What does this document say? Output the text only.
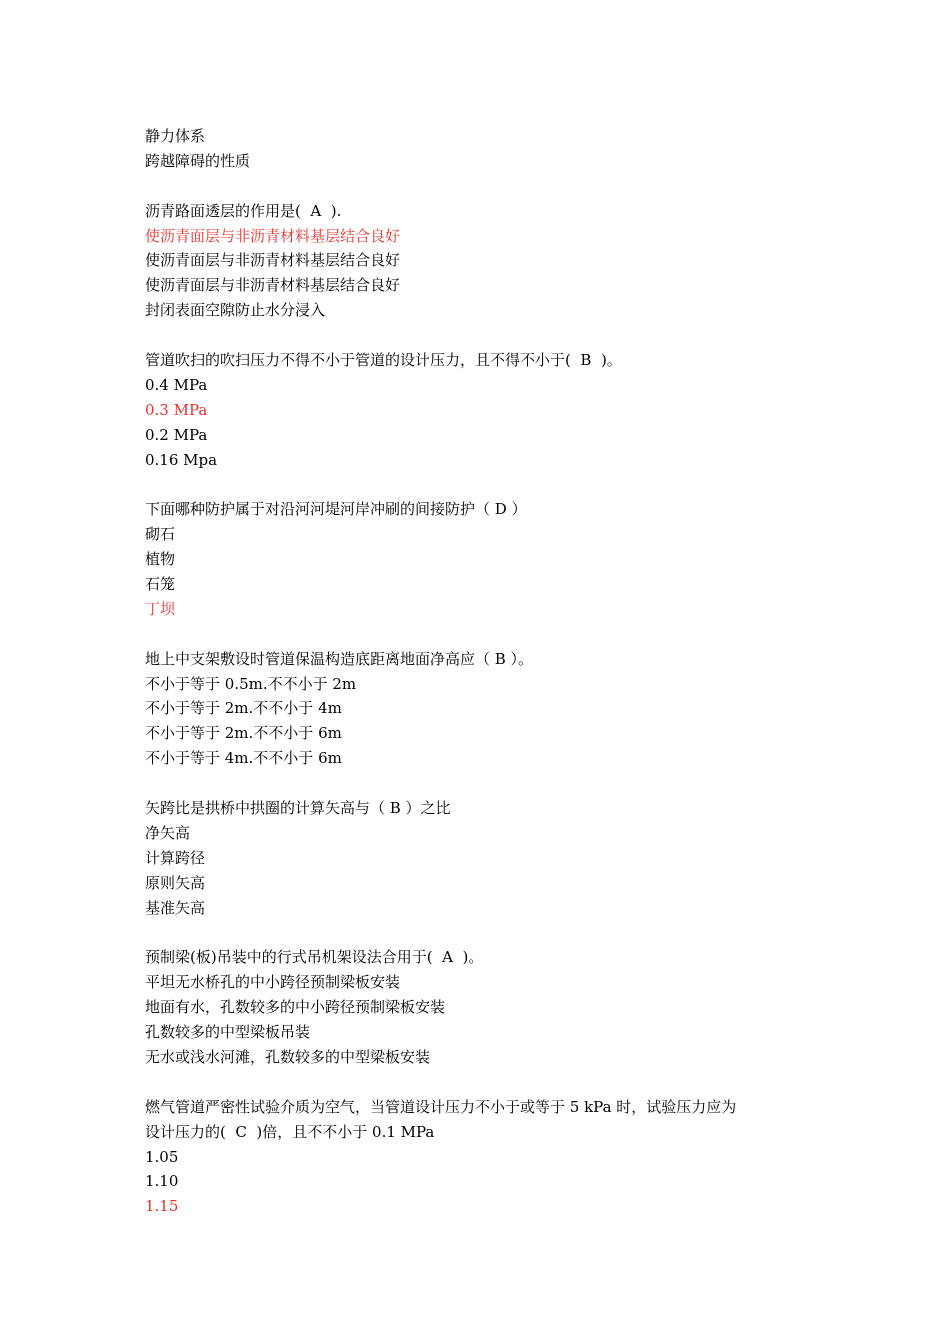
静力体系
跨越障碍的性质
沥青路面透层的作用是(  A  ).
使沥青面层与非沥青材料基层结合良好
使沥青面层与非沥青材料基层结合良好
使沥青面层与非沥青材料基层结合良好
封闭表面空隙防止水分浸入
管道吹扫的吹扫压力不得不小于管道的设计压力，且不得不小于(  B  )。
0.4 MPa
0.3 MPa
0.2 MPa
0.16 Mpa
下面哪种防护属于对沿河河堤河岸冲刷的间接防护（ D ）
砌石
植物
石笼
丁坝
地上中支架敷设时管道保温构造底距离地面净高应（ B ）。
不小于等于 0.5m.不不小于 2m
不小于等于 2m.不不小于 4m
不小于等于 2m.不不小于 6m
不小于等于 4m.不不小于 6m
矢跨比是拱桥中拱圈的计算矢高与（ B ）之比
净矢高
计算跨径
原则矢高
基准矢高
预制梁(板)吊装中的行式吊机架设法合用于(  A  )。
平坦无水桥孔的中小跨径预制梁板安装
地面有水，孔数较多的中小跨径预制梁板安装
孔数较多的中型梁板吊装
无水或浅水河滩，孔数较多的中型梁板安装
燃气管道严密性试验介质为空气，当管道设计压力不小于或等于 5 kPa 时，试验压力应为
设计压力的(  C  )倍，且不不小于 0.1 MPa
1.05
1.10
1.15
